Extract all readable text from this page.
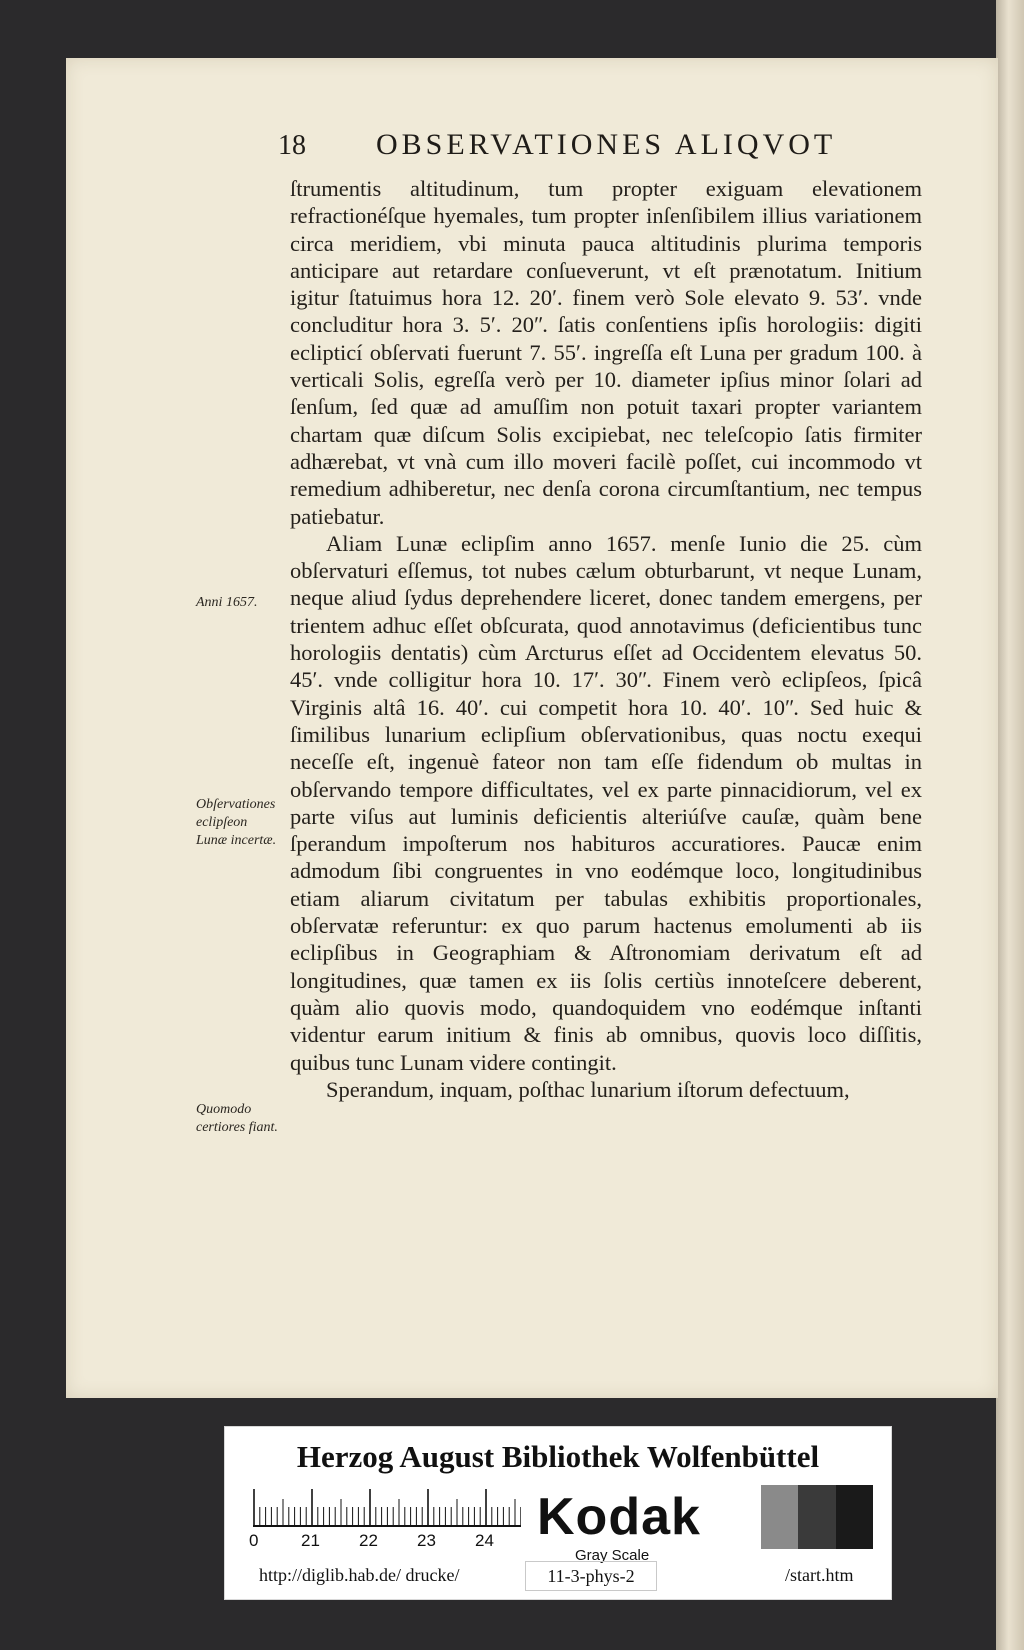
18 OBSERVATIONES ALIQVOT
Anni 1657.
Obſervationes eclipſeon Lunæ incertæ.
Quomodo certiores fiant.

ſtrumentis altitudinum, tum propter exiguam elevationem refractionéſque hyemales, tum propter inſenſibilem illius variationem circa meridiem, vbi minuta pauca altitudinis plurima temporis anticipare aut retardare conſueverunt, vt eſt prænotatum. Initium igitur ſtatuimus hora 12. 20ʹ. finem verò Sole elevato 9. 53ʹ. vnde concluditur hora 3. 5ʹ. 20ʺ. ſatis conſentiens ipſis horologiis: digiti eclipticí obſervati fuerunt 7. 55ʹ. ingreſſa eſt Luna per gradum 100. à verticali Solis, egreſſa verò per 10. diameter ipſius minor ſolari ad ſenſum, ſed quæ ad amuſſim non potuit taxari propter variantem chartam quæ diſcum Solis excipiebat, nec teleſcopio ſatis firmiter adhærebat, vt vnà cum illo moveri facilè poſſet, cui incommodo vt remedium adhiberetur, nec denſa corona circumſtantium, nec tempus patiebatur.

Aliam Lunæ eclipſim anno 1657. menſe Iunio die 25. cùm obſervaturi eſſemus, tot nubes cælum obturbarunt, vt neque Lunam, neque aliud ſydus deprehendere liceret, donec tandem emergens, per trientem adhuc eſſet obſcurata, quod annotavimus (deficientibus tunc horologiis dentatis) cùm Arcturus eſſet ad Occidentem elevatus 50. 45ʹ. vnde colligitur hora 10. 17ʹ. 30ʺ. Finem verò eclipſeos, ſpicâ Virginis altâ 16. 40ʹ. cui competit hora 10. 40ʹ. 10ʺ. Sed huic & ſimilibus lunarium eclipſium obſervationibus, quas noctu exequi neceſſe eſt, ingenuè fateor non tam eſſe fidendum ob multas in obſervando tempore difficultates, vel ex parte pinnacidiorum, vel ex parte viſus aut luminis deficientis alteriúſve cauſæ, quàm bene ſperandum impoſterum nos habituros accuratiores. Paucæ enim admodum ſibi congruentes in vno eodémque loco, longitudinibus etiam aliarum civitatum per tabulas exhibitis proportionales, obſervatæ referuntur: ex quo parum hactenus emolumenti ab iis eclipſibus in Geographiam & Aſtronomiam derivatum eſt ad longitudines, quæ tamen ex iis ſolis certiùs innoteſcere deberent, quàm alio quovis modo, quandoquidem vno eodémque inſtanti videntur earum initium & finis ab omnibus, quovis loco diſſitis, quibus tunc Lunam videre contingit.

Sperandum, inquam, poſthac lunarium iſtorum defectuum,

Herzog August Bibliothek Wolfenbüttel
0	21 22 23 24 Kodak
Gray Scale
http://diglib.hab.de/ drucke/	11-3-phys-2	/start.htm
